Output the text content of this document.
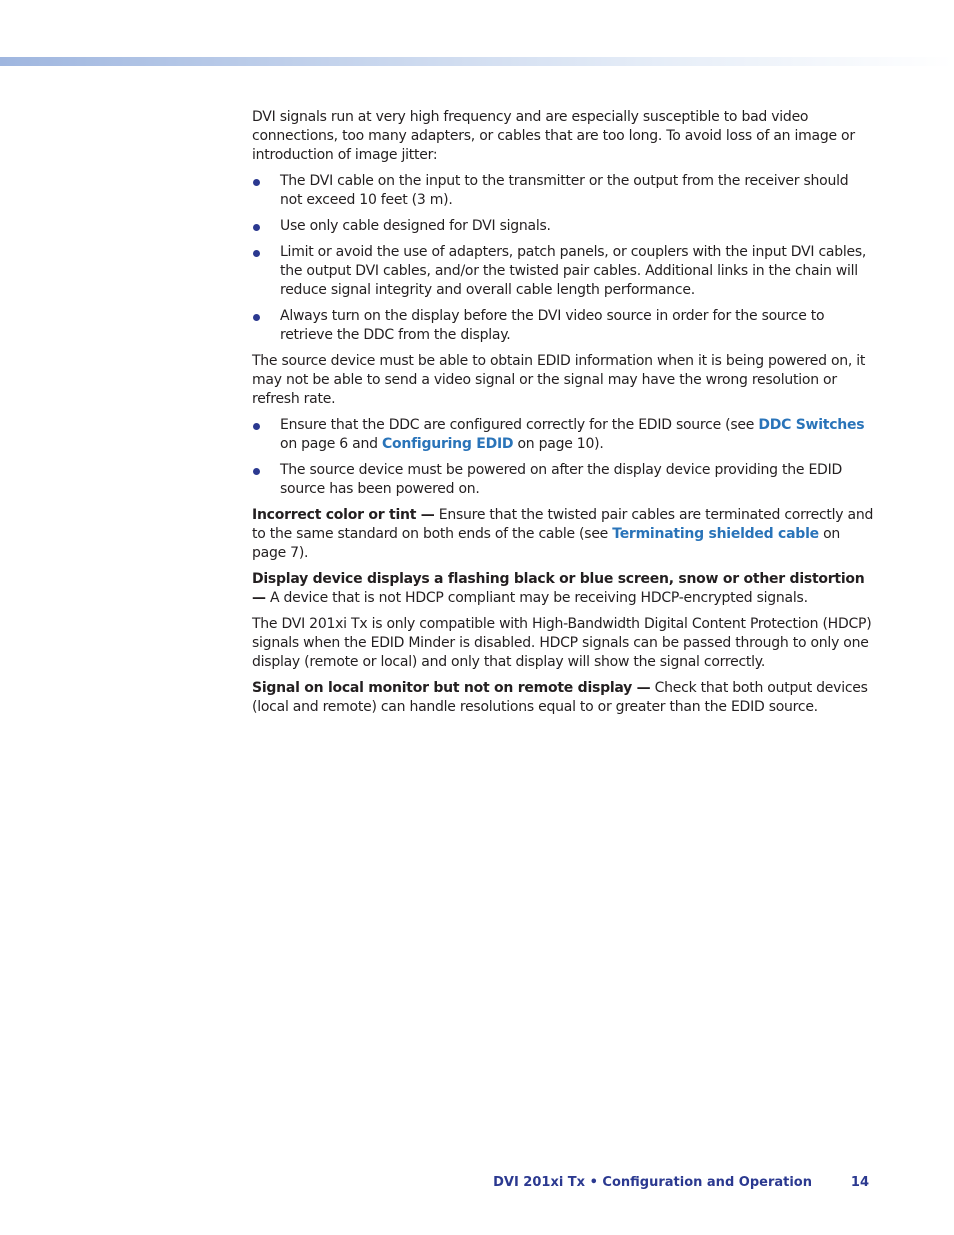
DVI signals run at very high frequency and are especially susceptible to bad video connections, too many adapters, or cables that are too long. To avoid loss of an image or introduction of image jitter:

The DVI cable on the input to the transmitter or the output from the receiver should not exceed 10 feet (3 m).
Use only cable designed for DVI signals.
Limit or avoid the use of adapters, patch panels, or couplers with the input DVI cables, the output DVI cables, and/or the twisted pair cables. Additional links in the chain will reduce signal integrity and overall cable length performance.
Always turn on the display before the DVI video source in order for the source to retrieve the DDC from the display.

The source device must be able to obtain EDID information when it is being powered on, it may not be able to send a video signal or the signal may have the wrong resolution or refresh rate.

Ensure that the DDC are configured correctly for the EDID source (see DDC Switches on page 6 and Configuring EDID on page 10).
The source device must be powered on after the display device providing the EDID source has been powered on.

Incorrect color or tint — Ensure that the twisted pair cables are terminated correctly and to the same standard on both ends of the cable (see Terminating shielded cable on page 7).

Display device displays a flashing black or blue screen, snow or other distortion — A device that is not HDCP compliant may be receiving HDCP-encrypted signals.

The DVI 201xi Tx is only compatible with High-Bandwidth Digital Content Protection (HDCP) signals when the EDID Minder is disabled. HDCP signals can be passed through to only one display (remote or local) and only that display will show the signal correctly.

Signal on local monitor but not on remote display — Check that both output devices (local and remote) can handle resolutions equal to or greater than the EDID source.

DVI 201xi Tx • Configuration and Operation	14
